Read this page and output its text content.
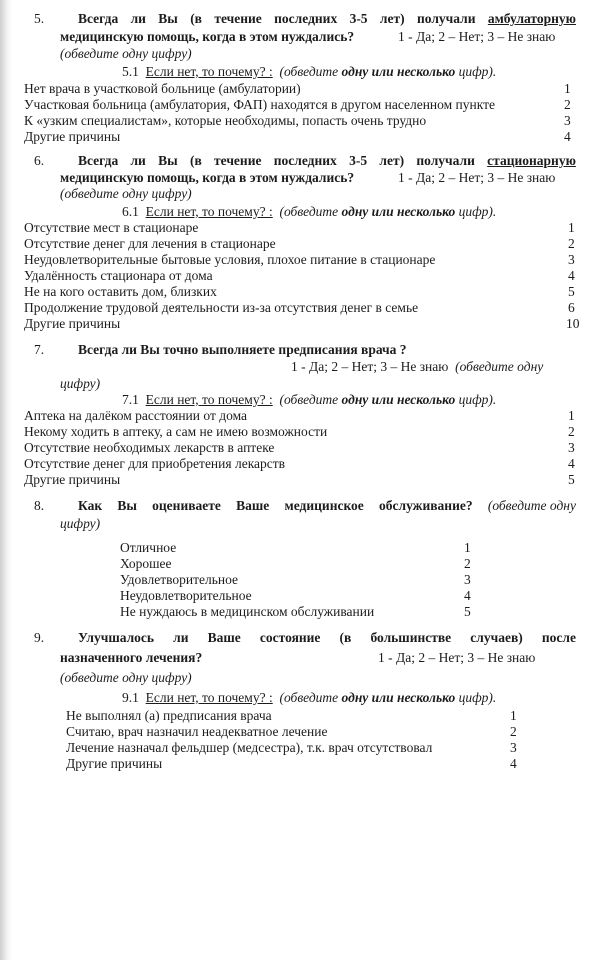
5.	Всегда ли Вы (в течение последних 3-5 лет) получали амбулаторную
медицинскую помощь, когда в этом нуждались?	1 - Да; 2 – Нет; 3 – Не знаю
(обведите одну цифру)
5.1 Если нет, то почему? : (обведите одну или несколько цифр).
Нет врача в участковой больнице (амбулатории)	1
Участковая больница (амбулатория, ФАП) находятся в другом населенном пункте	2
К «узким специалистам», которые необходимы, попасть очень трудно	3
Другие причины	4
6.	Всегда ли Вы (в течение последних 3-5 лет) получали стационарную
медицинскую помощь, когда в этом нуждались?	1 - Да; 2 – Нет; 3 – Не знаю
(обведите одну цифру)
6.1 Если нет, то почему? : (обведите одну или несколько цифр).
Отсутствие мест в стационаре	1
Отсутствие денег для лечения в стационаре	2
Неудовлетворительные бытовые условия, плохое питание в стационаре	3
Удалённость стационара от дома	4
Не на кого оставить дом, близких	5
Продолжение трудовой деятельности из-за отсутствия денег в семье	6
Другие причины	10
7.	Всегда ли Вы точно выполняете предписания врача ?
1 - Да; 2 – Нет; 3 – Не знаю (обведите одну
цифру)
7.1 Если нет, то почему? : (обведите одну или несколько цифр).
Аптека на далёком расстоянии от дома	1
Некому ходить в аптеку, а сам не имею возможности	2
Отсутствие необходимых лекарств в аптеке	3
Отсутствие денег для приобретения лекарств	4
Другие причины	5
8.	Как Вы оцениваете Ваше медицинское обслуживание? (обведите одну
цифру)
Отличное	1
Хорошее	2
Удовлетворительное	3
Неудовлетворительное	4
Не нуждаюсь в медицинском обслуживании	5
9.	Улучшалось ли Ваше состояние (в большинстве случаев) после
назначенного лечения?	1 - Да; 2 – Нет; 3 – Не знаю
(обведите одну цифру)
9.1 Если нет, то почему? : (обведите одну или несколько цифр).
Не выполнял (а) предписания врача	1
Считаю, врач назначил неадекватное лечение	2
Лечение назначал фельдшер (медсестра), т.к. врач отсутствовал	3
Другие причины	4
